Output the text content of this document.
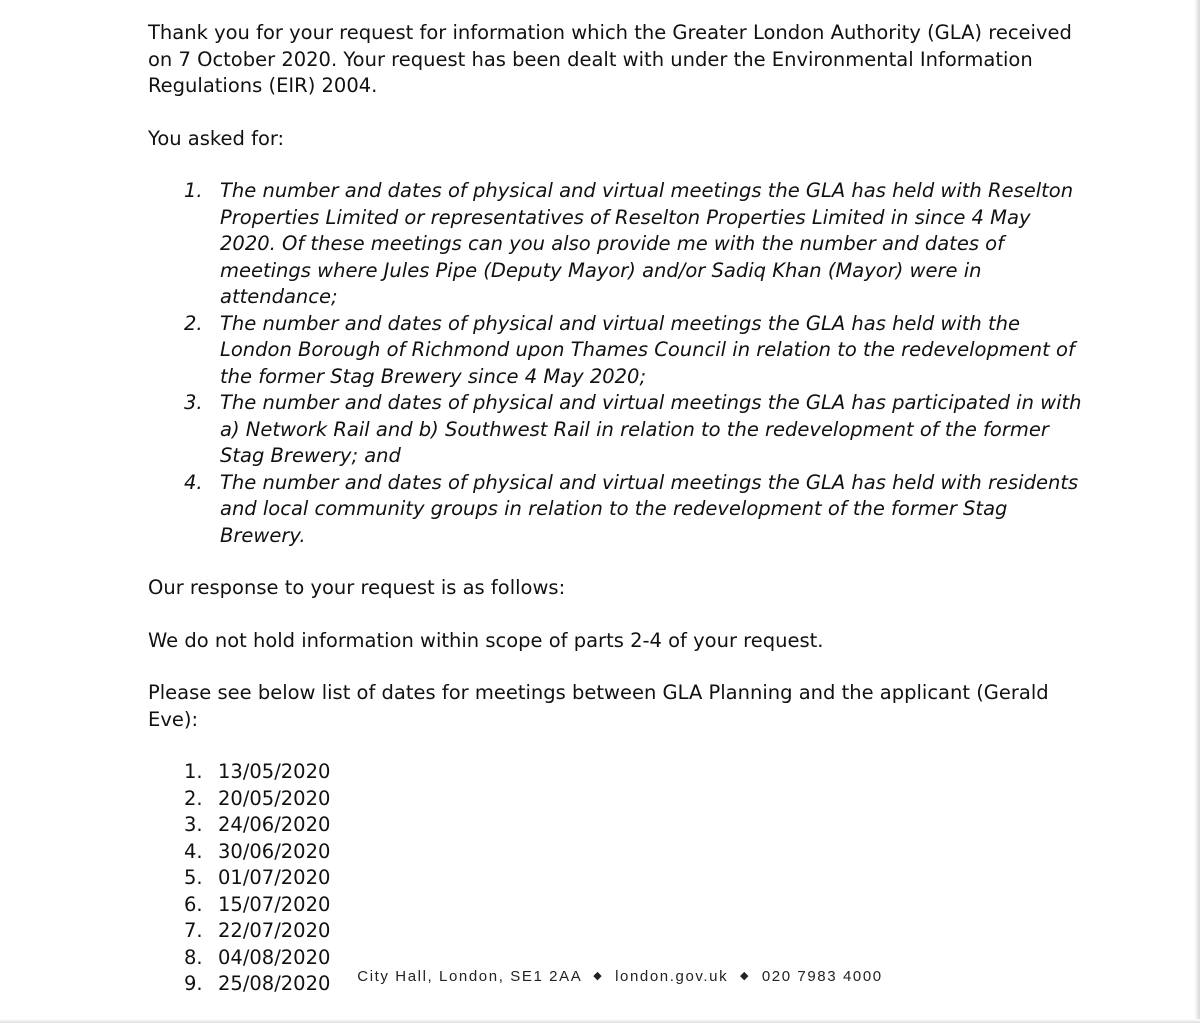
Thank you for your request for information which the Greater London Authority (GLA) received on 7 October 2020. Your request has been dealt with under the Environmental Information Regulations (EIR) 2004.

You asked for:

1. The number and dates of physical and virtual meetings the GLA has held with Reselton Properties Limited or representatives of Reselton Properties Limited in since 4 May 2020. Of these meetings can you also provide me with the number and dates of meetings where Jules Pipe (Deputy Mayor) and/or Sadiq Khan (Mayor) were in attendance;
2. The number and dates of physical and virtual meetings the GLA has held with the London Borough of Richmond upon Thames Council in relation to the redevelopment of the former Stag Brewery since 4 May 2020;
3. The number and dates of physical and virtual meetings the GLA has participated in with a) Network Rail and b) Southwest Rail in relation to the redevelopment of the former Stag Brewery; and
4. The number and dates of physical and virtual meetings the GLA has held with residents and local community groups in relation to the redevelopment of the former Stag Brewery.

Our response to your request is as follows:

We do not hold information within scope of parts 2-4 of your request.

Please see below list of dates for meetings between GLA Planning and the applicant (Gerald Eve):

1. 13/05/2020
2. 20/05/2020
3. 24/06/2020
4. 30/06/2020
5. 01/07/2020
6. 15/07/2020
7. 22/07/2020
8. 04/08/2020
9. 25/08/2020	City Hall, London, SE1 2AA ◆ london.gov.uk ◆ 020 7983 4000
